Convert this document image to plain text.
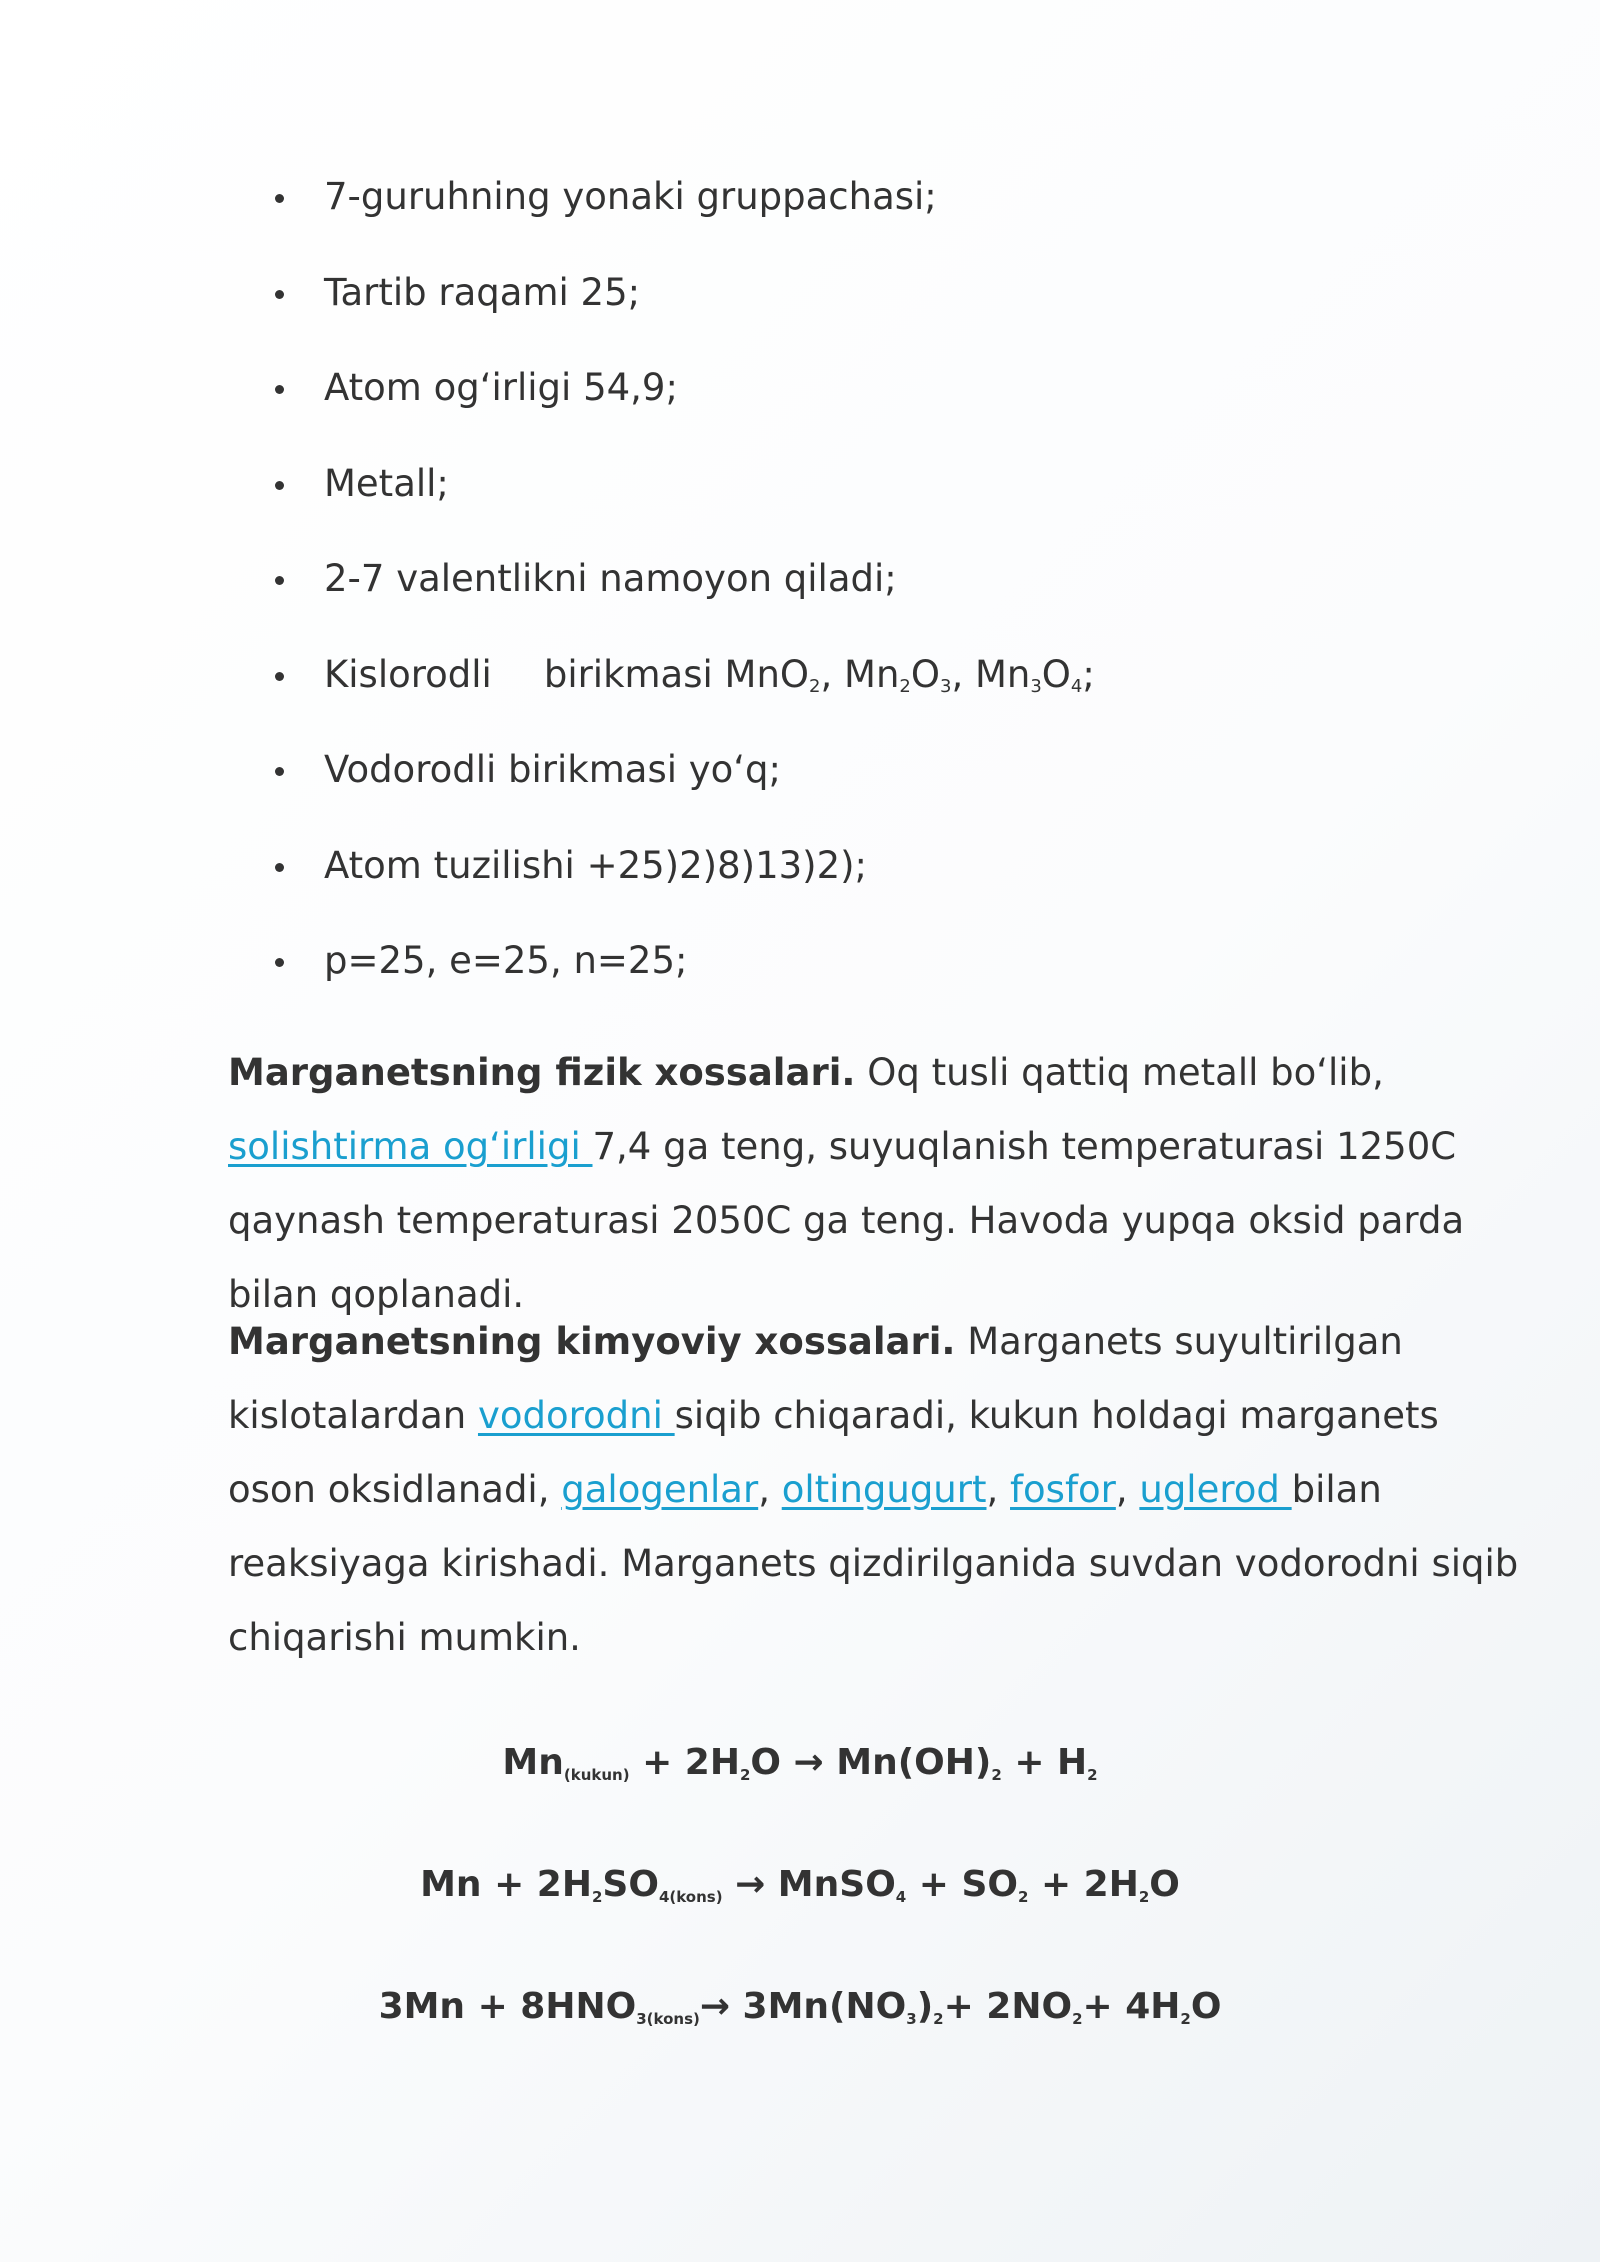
7-guruhning yonaki gruppachasi;
Tartib raqami 25;
Atom og‘irligi 54,9;
Metall;
2-7 valentlikni namoyon qiladi;
Kislorodli birikmasi MnO$_2$, $Mn_2O_3$, $Mn_3O_4$;
Vodorodli birikmasi yo‘q;
Atom tuzilishi +25)2)8)13)2);
p=25, e=25, n=25;

Marganetsning fizik xossalari. Oq tusli qattiq metall bo‘lib, solishtirma og‘irligi 7,4 ga teng, suyuqlanish temperaturasi 1250C qaynash temperaturasi 2050C ga teng. Havoda yupqa oksid parda bilan qoplanadi.

Marganetsning kimyoviy xossalari. Marganets suyultirilgan kislotalardan vodorodni siqib chiqaradi, kukun holdagi marganets oson oksidlanadi, galogenlar, oltingugurt, fosfor, uglerod bilan reaksiyaga kirishadi. Marganets qizdirilganida suvdan vodorodni siqib chiqarishi mumkin.

$Mn_{(kukun)} + 2H_2O \to Mn(OH)_2 + H_2$

$Mn + 2H_2SO_{4(kons)}$ → MnSO$_4$ + $SO_2 + 2H_2O$

$3Mn + 8HNO_{3(kons)}\to 3Mn(NO_3)_2+ 2NO_2+ 4H_2O$
